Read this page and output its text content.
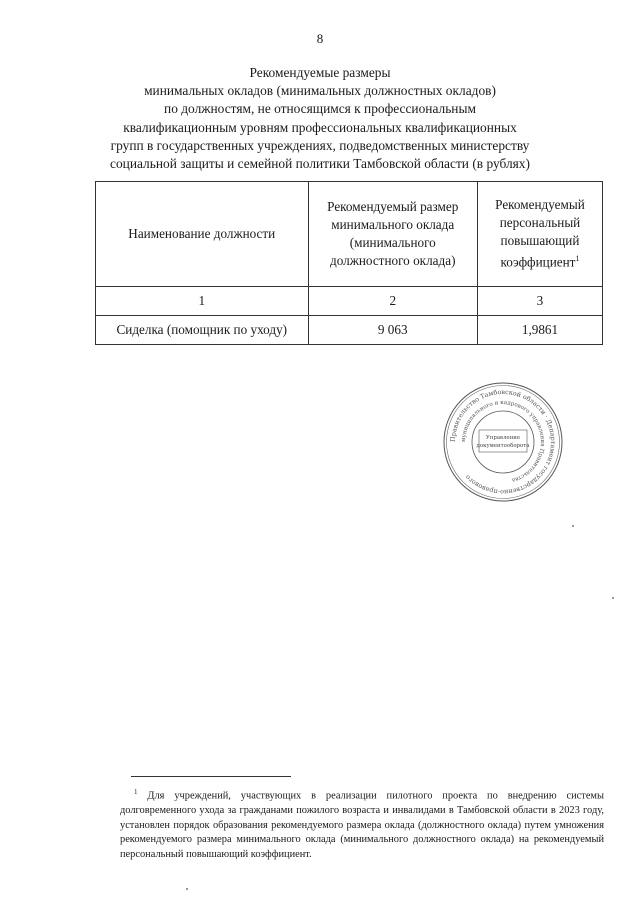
8
Рекомендуемые размеры
минимальных окладов (минимальных должностных окладов)
по должностям, не относящимся к профессиональным
квалификационным уровням профессиональных квалификационных
групп в государственных учреждениях, подведомственных министерству
социальной защиты и семейной политики Тамбовской области (в рублях)
Наименование должности	Рекомендуемый размер минимального оклада (минимального должностного оклада)	Рекомендуемый персональный повышающий коэффициент$^1$
1	2	3
Сиделка (помощник по уходу)	9 063	1,9861
Правительство Тамбовской области · Департамент государственно-правового
муниципального и кадрового управления Правительства
Управление
документооборота
$^1$ Для учреждений, участвующих в реализации пилотного проекта по внедрению системы долговременного ухода за гражданами пожилого возраста и инвалидами в Тамбовской области в 2023 году, установлен порядок образования рекомендуемого размера оклада (должностного оклада) путем умножения рекомендуемого размера минимального оклада (минимального должностного оклада) на рекомендуемый персональный повышающий коэффициент.
